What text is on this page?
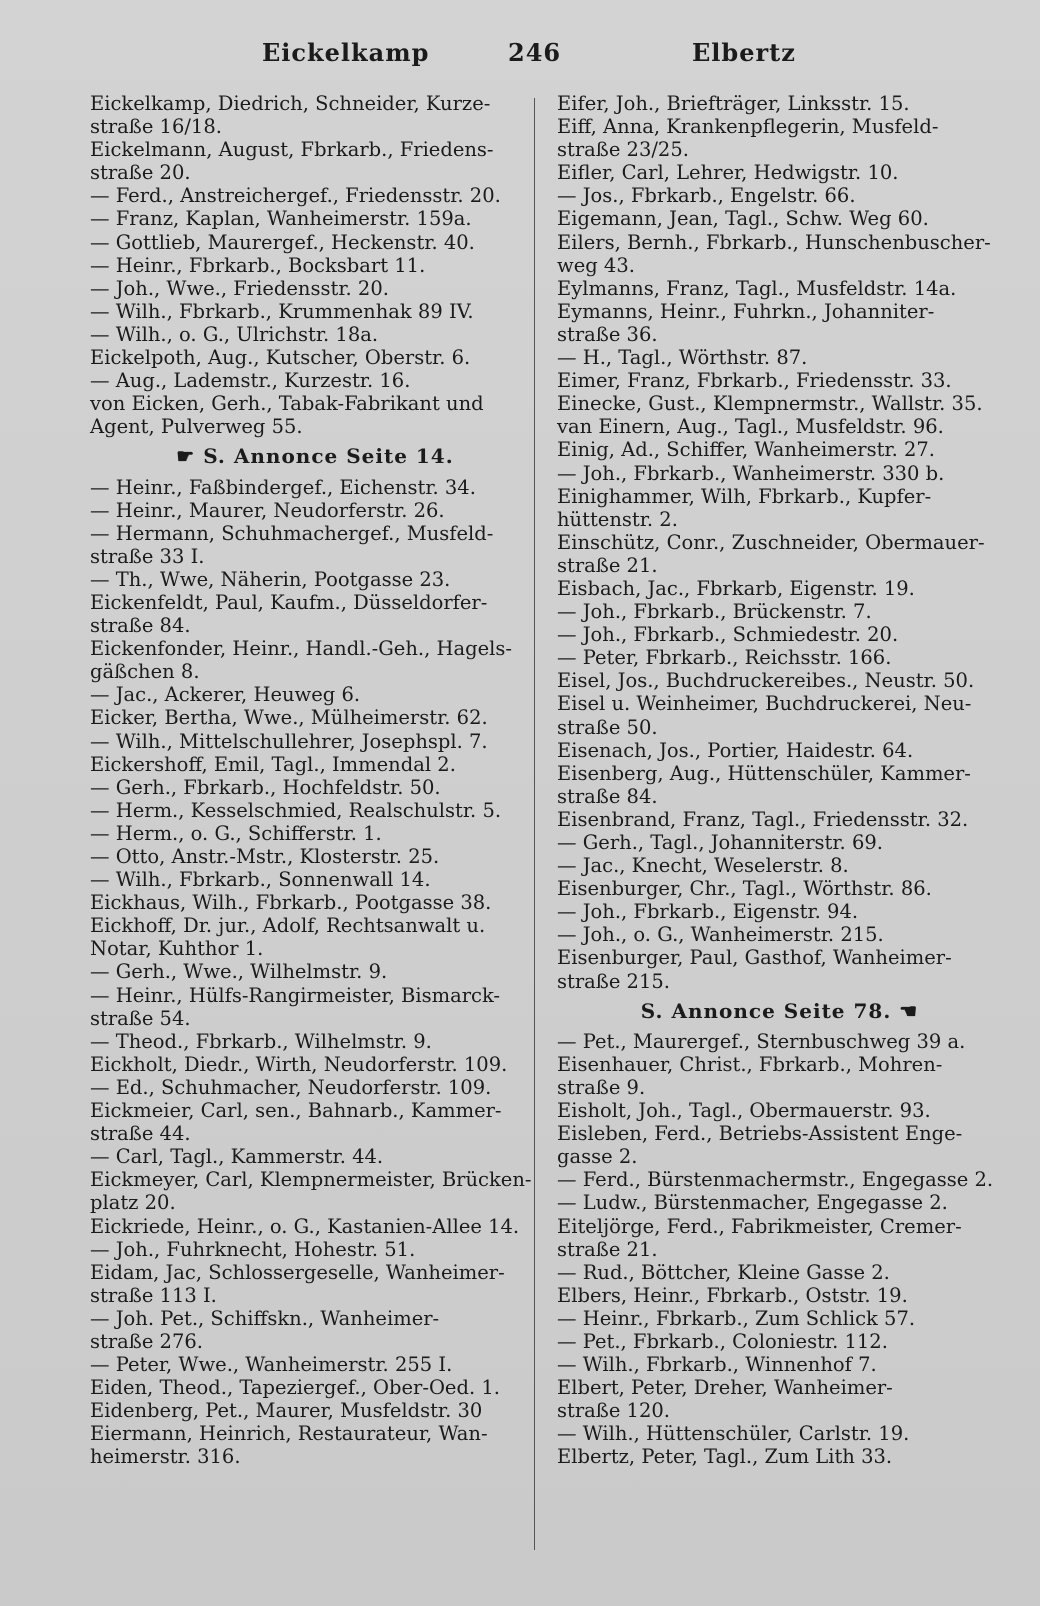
Eickelkamp	246	Elbertz
Eickelkamp, Diedrich, Schneider, Kurze-
straße 16/18.
Eickelmann, August, Fbrkarb., Friedens-
straße 20.
— Ferd., Anstreichergef., Friedensstr. 20.
— Franz, Kaplan, Wanheimerstr. 159a.
— Gottlieb, Maurergef., Heckenstr. 40.
— Heinr., Fbrkarb., Bocksbart 11.
— Joh., Wwe., Friedensstr. 20.
— Wilh., Fbrkarb., Krummenhak 89 IV.
— Wilh., o. G., Ulrichstr. 18a.
Eickelpoth, Aug., Kutscher, Oberstr. 6.
— Aug., Lademstr., Kurzestr. 16.
von Eicken, Gerh., Tabak-Fabrikant und
Agent, Pulverweg 55.
☛ S. Annonce Seite 14.
— Heinr., Faßbindergef., Eichenstr. 34.
— Heinr., Maurer, Neudorferstr. 26.
— Hermann, Schuhmachergef., Musfeld-
straße 33 I.
— Th., Wwe, Näherin, Pootgasse 23.
Eickenfeldt, Paul, Kaufm., Düsseldorfer-
straße 84.
Eickenfonder, Heinr., Handl.-Geh., Hagels-
gäßchen 8.
— Jac., Ackerer, Heuweg 6.
Eicker, Bertha, Wwe., Mülheimerstr. 62.
— Wilh., Mittelschullehrer, Josephspl. 7.
Eickershoff, Emil, Tagl., Immendal 2.
— Gerh., Fbrkarb., Hochfeldstr. 50.
— Herm., Kesselschmied, Realschulstr. 5.
— Herm., o. G., Schifferstr. 1.
— Otto, Anstr.-Mstr., Klosterstr. 25.
— Wilh., Fbrkarb., Sonnenwall 14.
Eickhaus, Wilh., Fbrkarb., Pootgasse 38.
Eickhoff, Dr. jur., Adolf, Rechtsanwalt u.
Notar, Kuhthor 1.
— Gerh., Wwe., Wilhelmstr. 9.
— Heinr., Hülfs-Rangirmeister, Bismarck-
straße 54.
— Theod., Fbrkarb., Wilhelmstr. 9.
Eickholt, Diedr., Wirth, Neudorferstr. 109.
— Ed., Schuhmacher, Neudorferstr. 109.
Eickmeier, Carl, sen., Bahnarb., Kammer-
straße 44.
— Carl, Tagl., Kammerstr. 44.
Eickmeyer, Carl, Klempnermeister, Brücken-
platz 20.
Eickriede, Heinr., o. G., Kastanien-Allee 14.
— Joh., Fuhrknecht, Hohestr. 51.
Eidam, Jac, Schlossergeselle, Wanheimer-
straße 113 I.
— Joh. Pet., Schiffskn., Wanheimer-
straße 276.
— Peter, Wwe., Wanheimerstr. 255 I.
Eiden, Theod., Tapeziergef., Ober-Oed. 1.
Eidenberg, Pet., Maurer, Musfeldstr. 30
Eiermann, Heinrich, Restaurateur, Wan-
heimerstr. 316.
Eifer, Joh., Briefträger, Linksstr. 15.
Eiff, Anna, Krankenpflegerin, Musfeld-
straße 23/25.
Eifler, Carl, Lehrer, Hedwigstr. 10.
— Jos., Fbrkarb., Engelstr. 66.
Eigemann, Jean, Tagl., Schw. Weg 60.
Eilers, Bernh., Fbrkarb., Hunschenbuscher-
weg 43.
Eylmanns, Franz, Tagl., Musfeldstr. 14a.
Eymanns, Heinr., Fuhrkn., Johanniter-
straße 36.
— H., Tagl., Wörthstr. 87.
Eimer, Franz, Fbrkarb., Friedensstr. 33.
Einecke, Gust., Klempnermstr., Wallstr. 35.
van Einern, Aug., Tagl., Musfeldstr. 96.
Einig, Ad., Schiffer, Wanheimerstr. 27.
— Joh., Fbrkarb., Wanheimerstr. 330 b.
Einighammer, Wilh, Fbrkarb., Kupfer-
hüttenstr. 2.
Einschütz, Conr., Zuschneider, Obermauer-
straße 21.
Eisbach, Jac., Fbrkarb, Eigenstr. 19.
— Joh., Fbrkarb., Brückenstr. 7.
— Joh., Fbrkarb., Schmiedestr. 20.
— Peter, Fbrkarb., Reichsstr. 166.
Eisel, Jos., Buchdruckereibes., Neustr. 50.
Eisel u. Weinheimer, Buchdruckerei, Neu-
straße 50.
Eisenach, Jos., Portier, Haidestr. 64.
Eisenberg, Aug., Hüttenschüler, Kammer-
straße 84.
Eisenbrand, Franz, Tagl., Friedensstr. 32.
— Gerh., Tagl., Johanniterstr. 69.
— Jac., Knecht, Weselerstr. 8.
Eisenburger, Chr., Tagl., Wörthstr. 86.
— Joh., Fbrkarb., Eigenstr. 94.
— Joh., o. G., Wanheimerstr. 215.
Eisenburger, Paul, Gasthof, Wanheimer-
straße 215.
S. Annonce Seite 78. ☚
— Pet., Maurergef., Sternbuschweg 39 a.
Eisenhauer, Christ., Fbrkarb., Mohren-
straße 9.
Eisholt, Joh., Tagl., Obermauerstr. 93.
Eisleben, Ferd., Betriebs-Assistent Enge-
gasse 2.
— Ferd., Bürstenmachermstr., Engegasse 2.
— Ludw., Bürstenmacher, Engegasse 2.
Eiteljörge, Ferd., Fabrikmeister, Cremer-
straße 21.
— Rud., Böttcher, Kleine Gasse 2.
Elbers, Heinr., Fbrkarb., Oststr. 19.
— Heinr., Fbrkarb., Zum Schlick 57.
— Pet., Fbrkarb., Coloniestr. 112.
— Wilh., Fbrkarb., Winnenhof 7.
Elbert, Peter, Dreher, Wanheimer-
straße 120.
— Wilh., Hüttenschüler, Carlstr. 19.
Elbertz, Peter, Tagl., Zum Lith 33.
